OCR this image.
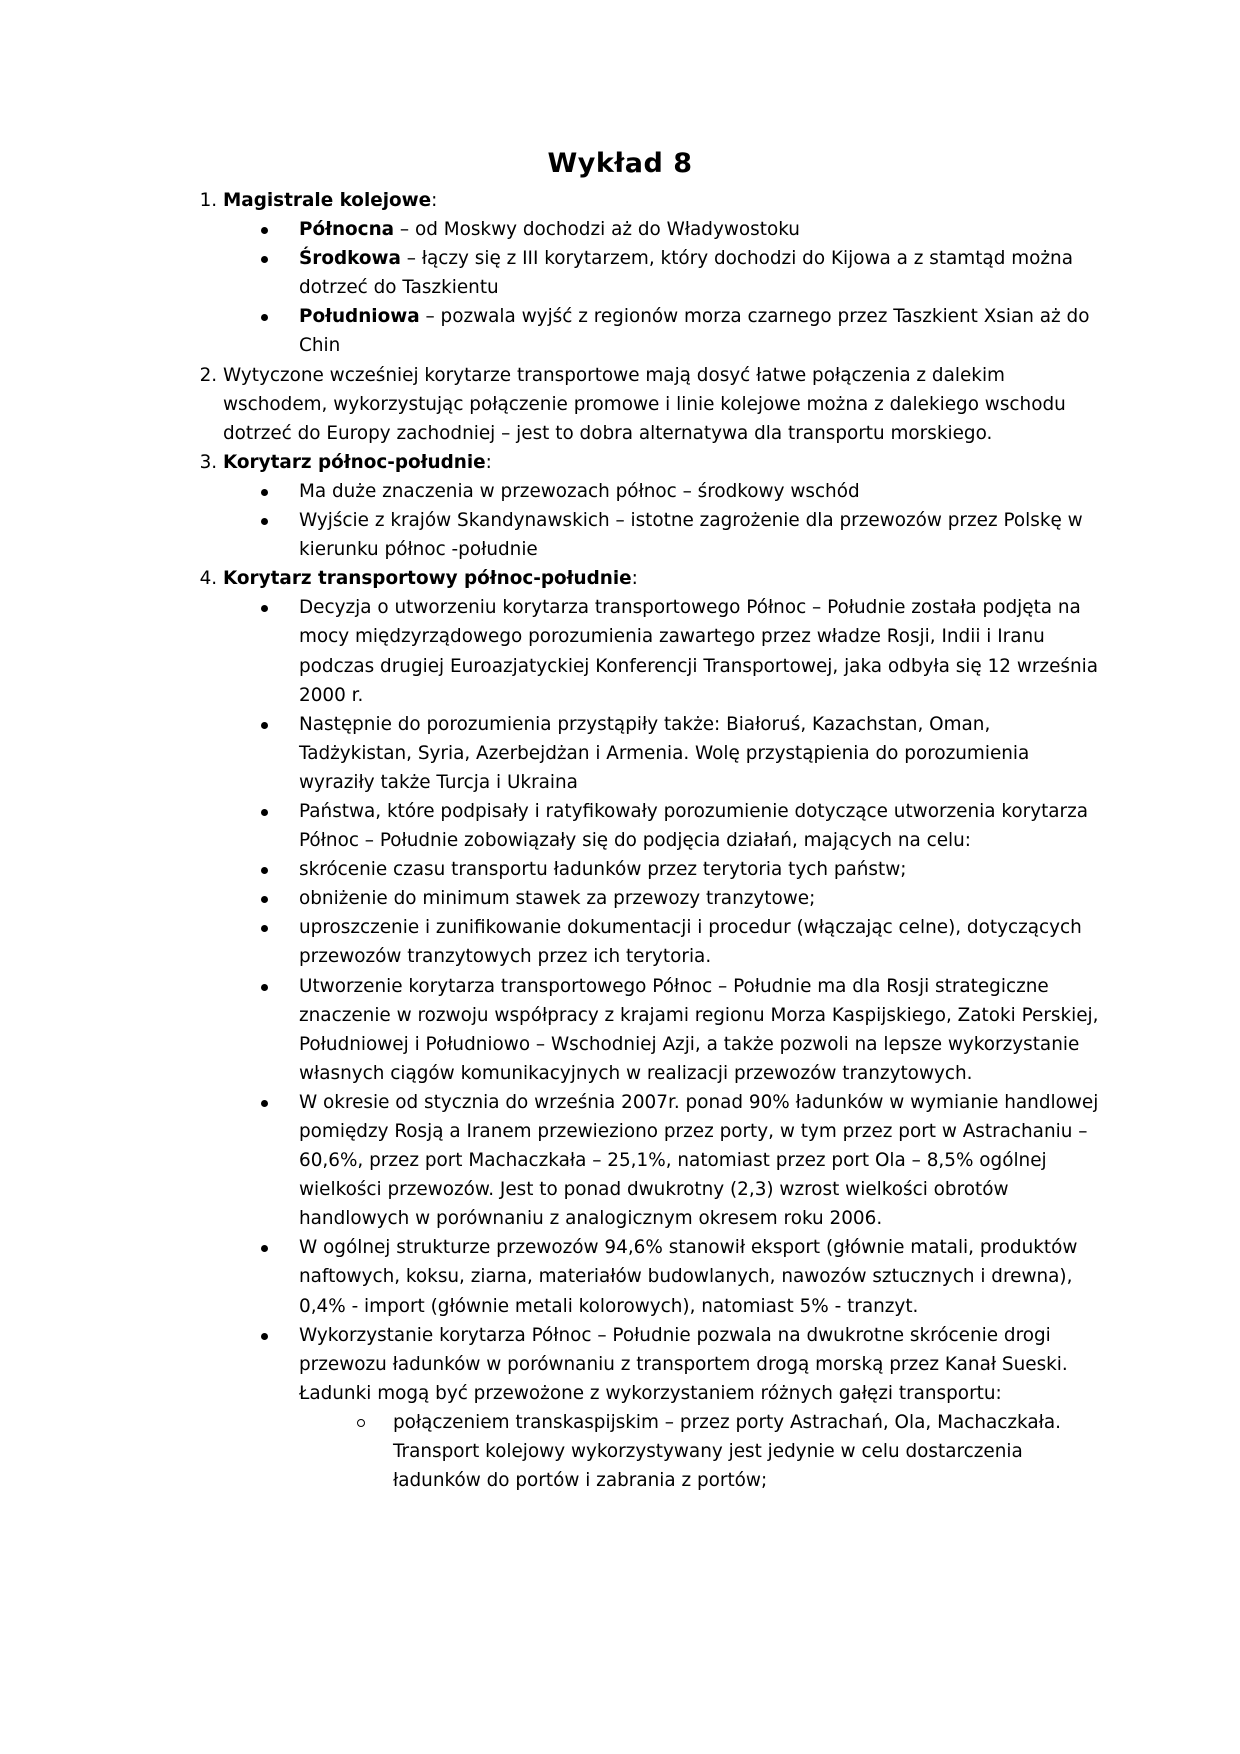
Wykład 8
1. Magistrale kolejowe:
Północna – od Moskwy dochodzi aż do Władywostoku
Środkowa – łączy się z III korytarzem, który dochodzi do Kijowa a z stamtąd można dotrzeć do Taszkientu
Południowa – pozwala wyjść z regionów morza czarnego przez Taszkient Xsian aż do Chin
2. Wytyczone wcześniej korytarze transportowe mają dosyć łatwe połączenia z dalekim wschodem, wykorzystując połączenie promowe i linie kolejowe można z dalekiego wschodu dotrzeć do Europy zachodniej – jest to dobra alternatywa dla transportu morskiego.
3. Korytarz północ-południe:
Ma duże znaczenia w przewozach północ – środkowy wschód
Wyjście z krajów Skandynawskich – istotne zagrożenie dla przewozów przez Polskę w kierunku północ -południe
4. Korytarz transportowy północ-południe:
Decyzja o utworzeniu korytarza transportowego Północ – Południe została podjęta na mocy międzyrządowego porozumienia zawartego przez władze Rosji, Indii i Iranu podczas drugiej Euroazjatyckiej Konferencji Transportowej, jaka odbyła się 12 września 2000 r.
Następnie do porozumienia przystąpiły także: Białoruś, Kazachstan, Oman, Tadżykistan, Syria, Azerbejdżan i Armenia. Wolę przystąpienia do porozumienia wyraziły także Turcja i Ukraina
Państwa, które podpisały i ratyfikowały porozumienie dotyczące utworzenia korytarza Północ – Południe zobowiązały się do podjęcia działań, mających na celu:
skrócenie czasu transportu ładunków przez terytoria tych państw;
obniżenie do minimum stawek za przewozy tranzytowe;
uproszczenie i zunifikowanie dokumentacji i procedur (włączając celne), dotyczących przewozów tranzytowych przez ich terytoria.
Utworzenie korytarza transportowego Północ – Południe ma dla Rosji strategiczne znaczenie w rozwoju współpracy z krajami regionu Morza Kaspijskiego, Zatoki Perskiej, Południowej i Południowo – Wschodniej Azji, a także pozwoli na lepsze wykorzystanie własnych ciągów komunikacyjnych w realizacji przewozów tranzytowych.
W okresie od stycznia do września 2007r. ponad 90% ładunków w wymianie handlowej pomiędzy Rosją a Iranem przewieziono przez porty, w tym przez port w Astrachaniu – 60,6%, przez port Machaczkała – 25,1%, natomiast przez port Ola – 8,5% ogólnej wielkości przewozów. Jest to ponad dwukrotny (2,3) wzrost wielkości obrotów handlowych w porównaniu z analogicznym okresem roku 2006.
W ogólnej strukturze przewozów 94,6% stanowił eksport (głównie matali, produktów naftowych, koksu, ziarna, materiałów budowlanych, nawozów sztucznych i drewna), 0,4% - import (głównie metali kolorowych), natomiast 5% - tranzyt.
Wykorzystanie korytarza Północ – Południe pozwala na dwukrotne skrócenie drogi przewozu ładunków w porównaniu z transportem drogą morską przez Kanał Sueski. Ładunki mogą być przewożone z wykorzystaniem różnych gałęzi transportu:
połączeniem transkaspijskim – przez porty Astrachań, Ola, Machaczkała. Transport kolejowy wykorzystywany jest jedynie w celu dostarczenia ładunków do portów i zabrania z portów;
